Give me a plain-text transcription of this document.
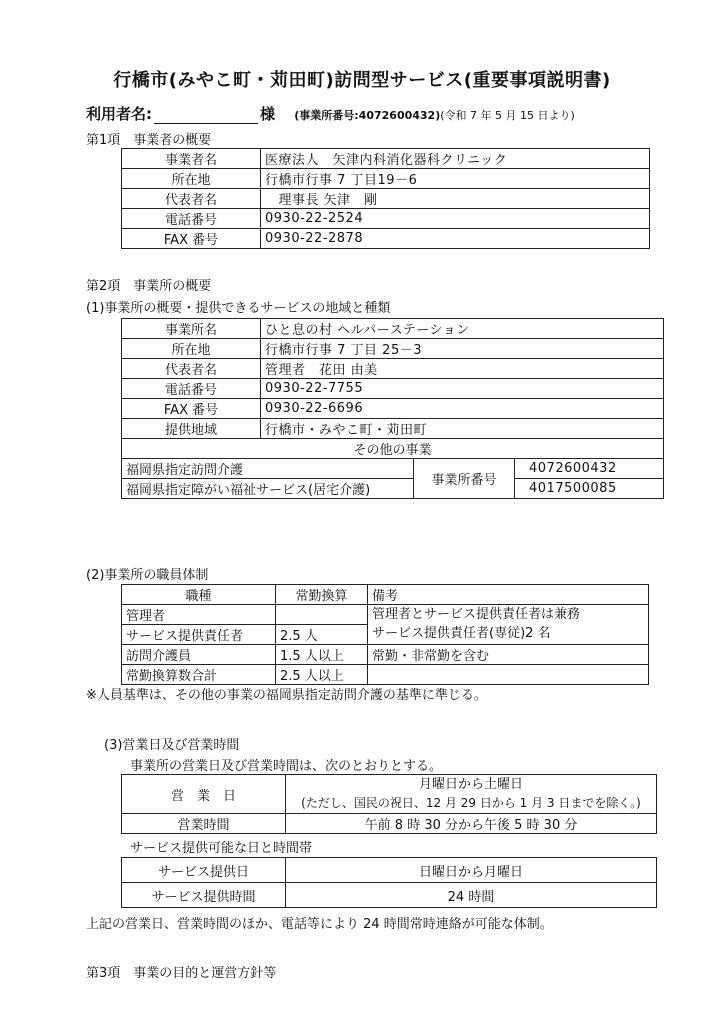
行橋市(みやこ町・苅田町)訪問型サービス(重要事項説明書)
利用者名:	様 (事業所番号:4072600432)(令和 7 年 5 月 15 日より)
第1項　事業者の概要
事業者名	医療法人　矢津内科消化器科クリニック
所在地	行橋市行事 7 丁目19－6
代表者名	　理事長 矢津　剛
電話番号	0930-22-2524
FAX 番号	0930-22-2878
第2項　事業所の概要
(1)事業所の概要・提供できるサービスの地域と種類
事業所名	ひと息の村 ヘルパーステーション		
所在地	行橋市行事 7 丁目 25－3		
代表者名	管理者　花田 由美		
電話番号	0930-22-7755		
FAX 番号	0930-22-6696		
提供地域	行橋市・みやこ町・苅田町		
その他の事業			
福岡県指定訪問介護		事業所番号	4072600432
福岡県指定障がい福祉サービス(居宅介護)			4017500085
(2)事業所の職員体制
職種	常勤換算	備考
管理者		管理者とサービス提供責任者は兼務
サービス提供責任者(専従)2 名

サービス提供責任者	2.5 人	
訪問介護員	1.5 人以上	常勤・非常勤を含む
常勤換算数合計	2.5 人以上	
※人員基準は、その他の事業の福岡県指定訪問介護の基準に準じる。
(3)営業日及び営業時間
事業所の営業日及び営業時間は、次のとおりとする。
営　業　日	月曜日から土曜日
(ただし、国民の祝日、12 月 29 日から 1 月 3 日までを除く。)

営業時間	午前 8 時 30 分から午後 5 時 30 分
サービス提供可能な日と時間帯
サービス提供日	日曜日から月曜日
サービス提供時間	24 時間
上記の営業日、営業時間のほか、電話等により 24 時間常時連絡が可能な体制。
第3項　事業の目的と運営方針等
